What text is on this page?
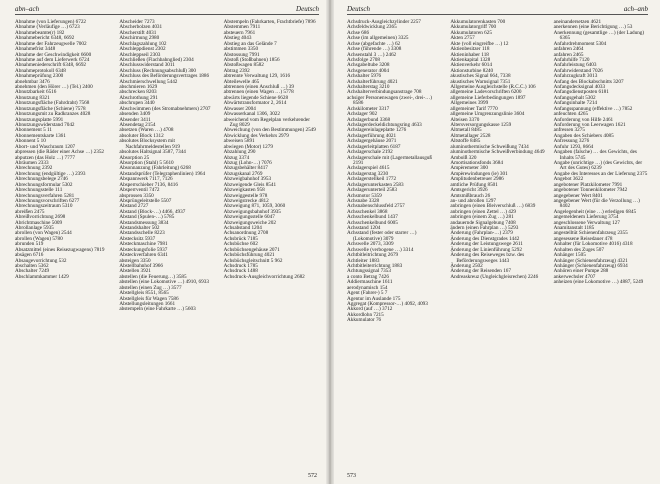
abn–ach	Deutsch
Abnahme (von Lieferungen) 6722
Abnahme (Verläufige …) 6723
Abnahmebeamte(r) 182
Abnahmebericht 6348, 6692
Abnahme der Fahrzeugwelle 7002
Abnahmefrist 3448
Abnahme der Geschwindigkeit 6600
Abnahme auf dem Lieferwerk 6724
Abnahmeniederschrift 6348, 6692
Abnahmeprotokoll 6348
Abnahmeprüfung 2300
abnehmbar 3476
abnehmen (den Hörer …) (Tel.) 2400
Abnutzbarkeit 6516
Abnutzung 8321
Abnutzungsfläche (Fahrdraht) 7568
Abnutzungsfläche (Schiene) 7578
Abnutzungsmit zu Radkranzes 4028
Abnutzungsplatte 5991
Abnutzungswiderstand 7042
Abonnement 5 11
Abonnementskarte 1361
Abonnent 5 10
Abort- und Waschraum 1207
abpressen (die Räder einer Achse …) 2352
abputzen (das Holz …) 7777
Abräumen 2333
Abrechnung 2392
Abrechnung (endgültige …) 2393
Abrechnungsbelege 2746
Abrechnungsformular 5302
Abrechnungsstelle 111
Abrechnungsverfahren 5281
Abrechnungsvorschriften 6277
Abrechnungszeitraum 5310
abreißen 2475
Abreißvorrichtung 2698
Abrichtmaschine 5009
Abrollanlage 5935
abrollen (von Wagen) 2544
abrollen (Wagen) 5780
abrunden 519
Absatzmittel (eines Reisezugwagens) 7819
absägen 6716
Absaugevorrichtung 532
abschalten 5362
Abschalter 7249
Abschlammkammer 1429
Abscheider 7273
Abscherbolzen 4031
Abscherstift 4031
Abschirmung 2980
Abschlagszahlung 102
Abschleppdienst 2302
Abschleppseil 2303
Abschließen (Flachbahnglied) 2304
Abschlusswiderstand 3011
Abschluss (Rechnungsabschluß) 300
Abschluss des Beförderungsvertrages 1886
Abschmierschwellung 5442
abschmieren 1629
abschrecken 8203
Abschrothung 291
abschrupen 3440
Abschwimmen (des Stromabnehmers) 2707
absenden 3409
Absender 3411
Absendetag 2154
absetzen (Waren …) 4708
absoluter Block 1312
absolutes Blocksystem mit Nachfahrmeldestellen 919
absolutes Haltsignal 3587, 7344
Absorption 25
Absorption (Stahl) 5 5610
Absonnanzung (Fahrleitung) 6268
Abstandsprüfer (Telegraphenlinien) 1964
Abspannwerk 7117, 7126
Absperrschieber 7136, 8416
Absperrventil 7472
absprossen 3350
Absprüngeleitstelle 5507
Abstand 2727
Abstand (Block-…) 4466, 4937
Abstand (Spulen-…) 5785
Abstandsmessung 3834
Abstandshalter 502
Abstandsschelle 8223
Abstecksitz 5937
Absteckmaschine 7981
Absteckungsfolie 5937
Absteckverfahren 6341
absteigen 3350
Abstellbahnhof 3966
Abstellen 3921
abstellen (die Feuerung…) 3585
abstellen (eine Lokomotive …) 4910, 6933
abstellen (einen Zug …) 3577
Abstellgleis 8551, 8565
Abstellgleis für Wagen 7586
Abstellungsleitungen 1661
abstempeln (eine Fahrkarte …) 5603
Abstempeln (Fahrkarten, Frachtbriefe) 7896
Abstemmen 7911
absteuern 7961
Abstieg 4043
Abstieg an das Gelände 7
abstimmen 3350
Abstossung 7991
Abstoß (Stoßbahnen) 1856
Abstoßwagen 8582
Abtrag 2392
abtrennte Verwaltung 129, 1616
Abteilewelle 465
abtrennen (einen Anschluß …) 39
abtrennen (einen Wagen …) 5778
abwärts liegende Schiene 6628
Abwärtstransformator 2, 2614
Abwasser 2004
Abwasserkanal 1306, 3022
abweichend vom Regelplan verkehrender Zug 8029
Abweichung (von den Bestimmungen) 2549
Abwicklung des Verkehrs 2979
abweisen 5891
abwiegen (Motor) 1279
Abzahlung 290
Abzug 3374
Abzug (Lohn-…) 7076
Abzugsbehälter 8417
Abzugskanal 2769
Abzweigbahnhof 3953
Abzweigende Gleis 8541
Abzweigkasten 958
Abzweiggestelle 978
Abzweigstrecke 4812
Abzweigung 871, 1059, 3060
Abzweigungsbahnhof 3935
Abzweigungsstelle 6047
Abzweigungsweiche 202
Achsabstand 1204
Achsanordnung 2708
Achsbrück 7185
Achsbüchse 602
Achsbüchsengehäuse 2071
Achsbüchsführung 4021
Achsbüchsgleitschnitt 5 962
Achsdruck 1785
Achsdruck 1488
Achsdruck-Ausgleichvorrichtung 2682
572
Deutsch	ach–anb
Achsdruck-Ausgleichzylinder 2257
Achsfeldwicklung 2365
Achse 686
Achse (im allgemeinen) 3325
Achse (abgefachte …) 62
Achse (führende …) 3308
Achsenstahl 3 …) 2462
Achsfolge 2708
Achsgabeltube 3208
Achsgenerator 4004
Achshalter 5976
Achshalterführung 4021
Achshalterstag 3210
Achshalterverbindungsanstrage 708
achsiger Personenwagen (zwei-, drei-…) 8586
Achskilometer 3317
Achslager 902
Achslagerbund 3368
Achslagerdeckeldichtungsring 4633
Achslagereinlageplatte 1276
Achslagerführung 4021
Achslagergehäuse 2071
Achslagerleitplatten 6187
Achslagerschale 2192
Achslagerschale mit (Lagermetallausguß 2191
Achslagerspiel 4615
Achslagerstag 3230
Achslagerstellkeil 1772
Achslagerunterkasten 2583
Achslagerunterteil 2583
Achsmotor 5359
Achsnabe 3328
Achsnabenschlussfeld 2757
Achsschenkel 3868
Achsschenkelbund 1437
Achsschenkelbund 6005
Achsstand 1204
Achsstand (fester oder starrer …) (Lokomotive) 3079
Achswelle 2073, 3309
Achswelle (verbogene …) 3314
Achtbitleitrichtung 2679
Achtleiter 1883
Achtbitleiterrichtung 1883
Achtungssignal 7353
a conto Betrag 7426
Addiermaschine 1611
aerodynamisch 154
Agent (Fahrer-) 5 7
Agentur im Auslande 175
Aggregat (Kompressor-…) 4092, 4093
Akkord (auf …) 3712
Akkordlohn 7215
Akkumulator 76
Akkumulatorenkasten 700
Akkumulatorgriff 700
Akkumulatoren 625
Akten 2757
Akte (voll eingreifbe …) 12
Aktienbesitzer 118
Aktieninhaber 118
Aktienkapital 1328
Aktienverkehr 6014
Aktionsturbine 8240
akustisches Signal 664, 7338
akustisches Warnsignal 7351
Allgemeine Ausgleichstelle (R.C.C.) 106
allgemeine Ladevorschriften 6200
allgemeine Lieferbedingungen 1897
Allgemeines 3999
allgemeiner Tarif 7770
allgemeine Umgrenzungslinie 3604
Alteisen 3370
Altersversorgungskasse 1259
Altmetall 8485
Altmetallager 2528
Altstoffe 8485
aluminothermische Schweißung 7434
aluminothermische Schweißverbindung 4649
Ambolß 320
Amortisationsfonds 3684
Ampèremeter 300
Ampèrewindungen (ie) 301
Amplitudenbetreuer 2986
amtliche Prüfung 8501
Amtsgericht 3926
Amtsmißbrauch 26
an- und abrollen 1297
anbringen (einen Bleiverschluß …) 6839
anbringen (einen Zettel …) 429
anbringen (einem Zug …) 281
andauernde Signalgebung 7408
ändern (einen Fahrplan …) 5293
Änderung (Fahrplan-…) 2379
Änderung des Dienstgrades 1442
Änderung der Leistungswege 2611
Änderung der Linienführung 5292
Änderung des Reiseweges bzw. des Beförderungsweges 1443
Änderung 2502
Änderung der Reisenden 167
Andreaskreuz (Ungleichgleisrechen) 2246
aneinandersetzen 4621
anerkennen (eine Berichtigung …) 53
Anerkennung (gesamtlige …) (der Ladung) 6365
Anfahrdrehmoment 5304
anfahren 2464
anfahren 2465
Anfahrhilfe 7120
Anfahrleistung 6403
Anfahrwiderstand 7026
Anfahrzugkraft 3013
Anfang des Blockabschnitts 3207
Anfangsdecksignal 4033
Anfangsdienstposten 6181
Anfangsgehalt 5302
Anfangsinhalte 7214
Anfangsspannung (effektive …) 7852
anfeuchten 4265
Anforderung von Hilfe 2461
Anforderung von Leerwagen 1621
anfressen 3275
Angaben des Schiebers 4085
Anfressung 3276
Anfuhr 1293, 8664
Angaben (falsche) … des Gewichts, des Inhalts 5745
Angabe (unrichtige …) (des Gewichts, der Art des Gutes) 6239
Angabe des Interesses an der Lieferung 2375
Angebot 3622
angebotener Platzkilometer 7991
angebotener Tonnenkilometer 7942
angegebener Wert 8401
angegebener Wert (für die Verzollung …) 8402
Angelegenheit (eine …) erledigen 6845
angemeldenem Lieferung 3754
angeschlossene Verwaltung 127
Anamitanstalt 1185
angestelltüt Schienenfahrzeug 2355
angesessene Reisedauer 478
Anhalter (für Lokomotive 4016) 4318
Anhalten des Zuges 507
Anhänger 1505
Anhänger (Schienenfahrzeug) 4321
Anhänger (Schienenfahrzeug) 6934
Anhören einer Pumpe 288
ankerwechsler 4707
anheizen (eine Lokomotive …) 4887, 5249
573
